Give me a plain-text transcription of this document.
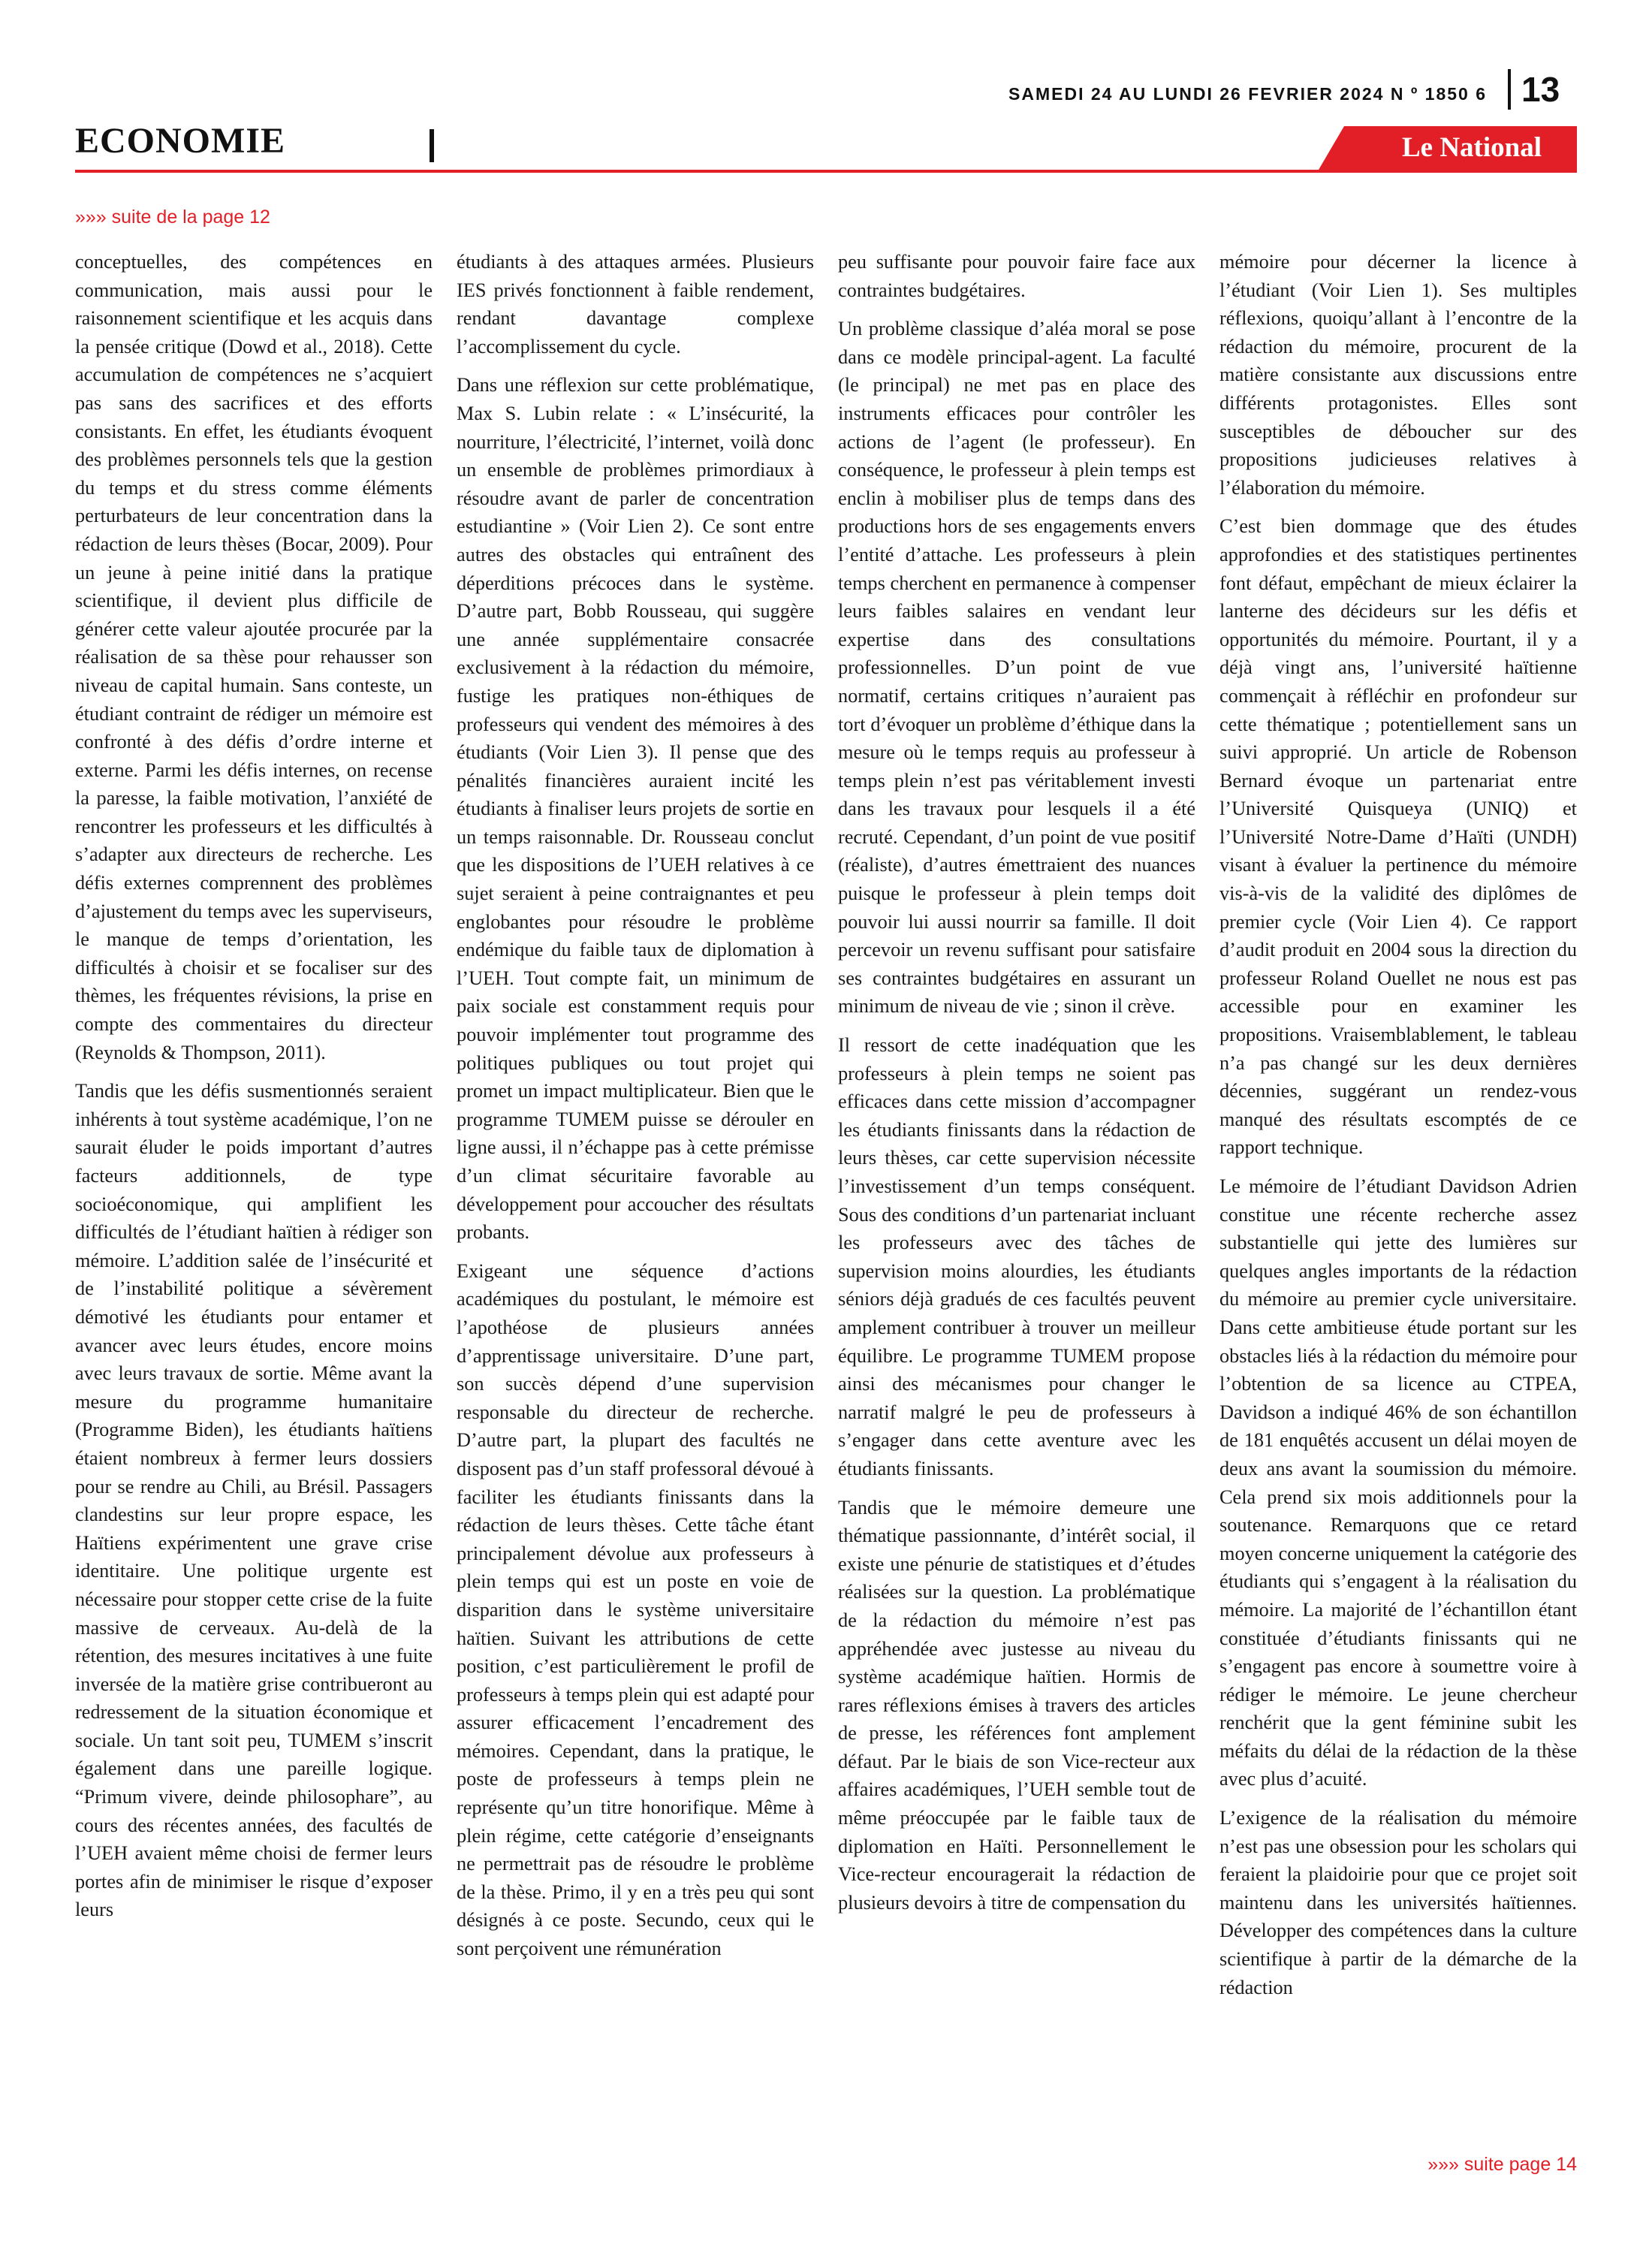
SAMEDI 24 AU LUNDI 26 FEVRIER 2024 N º 1850 6	13
ECONOMIE	Le National
»»» suite de la page 12

conceptuelles, des compétences en communication, mais aussi pour le raisonnement scientifique et les acquis dans la pensée critique (Dowd et al., 2018). Cette accumulation de compétences ne s’acquiert pas sans des sacrifices et des efforts consistants. En effet, les étudiants évoquent des problèmes personnels tels que la gestion du temps et du stress comme éléments perturbateurs de leur concentration dans la rédaction de leurs thèses (Bocar, 2009). Pour un jeune à peine initié dans la pratique scientifique, il devient plus difficile de générer cette valeur ajoutée procurée par la réalisation de sa thèse pour rehausser son niveau de capital humain. Sans conteste, un étudiant contraint de rédiger un mémoire est confronté à des défis d’ordre interne et externe. Parmi les défis internes, on recense la paresse, la faible motivation, l’anxiété de rencontrer les professeurs et les difficultés à s’adapter aux directeurs de recherche. Les défis externes comprennent des problèmes d’ajustement du temps avec les superviseurs, le manque de temps d’orientation, les difficultés à choisir et se focaliser sur des thèmes, les fréquentes révisions, la prise en compte des commentaires du directeur (Reynolds & Thompson, 2011).

Tandis que les défis susmentionnés seraient inhérents à tout système académique, l’on ne saurait éluder le poids important d’autres facteurs additionnels, de type socioéconomique, qui amplifient les difficultés de l’étudiant haïtien à rédiger son mémoire. L’addition salée de l’insécurité et de l’instabilité politique a sévèrement démotivé les étudiants pour entamer et avancer avec leurs études, encore moins avec leurs travaux de sortie. Même avant la mesure du programme humanitaire (Programme Biden), les étudiants haïtiens étaient nombreux à fermer leurs dossiers pour se rendre au Chili, au Brésil. Passagers clandestins sur leur propre espace, les Haïtiens expérimentent une grave crise identitaire. Une politique urgente est nécessaire pour stopper cette crise de la fuite massive de cerveaux. Au-delà de la rétention, des mesures incitatives à une fuite inversée de la matière grise contribueront au redressement de la situation économique et sociale. Un tant soit peu, TUMEM s’inscrit également dans une pareille logique. “Primum vivere, deinde philosophare”, au cours des récentes années, des facultés de l’UEH avaient même choisi de fermer leurs portes afin de minimiser le risque d’exposer leurs

étudiants à des attaques armées. Plusieurs IES privés fonctionnent à faible rendement, rendant davantage complexe l’accomplissement du cycle.

Dans une réflexion sur cette problématique, Max S. Lubin relate : « L’insécurité, la nourriture, l’électricité, l’internet, voilà donc un ensemble de problèmes primordiaux à résoudre avant de parler de concentration estudiantine » (Voir Lien 2). Ce sont entre autres des obstacles qui entraînent des déperditions précoces dans le système. D’autre part, Bobb Rousseau, qui suggère une année supplémentaire consacrée exclusivement à la rédaction du mémoire, fustige les pratiques non-éthiques de professeurs qui vendent des mémoires à des étudiants (Voir Lien 3). Il pense que des pénalités financières auraient incité les étudiants à finaliser leurs projets de sortie en un temps raisonnable. Dr. Rousseau conclut que les dispositions de l’UEH relatives à ce sujet seraient à peine contraignantes et peu englobantes pour résoudre le problème endémique du faible taux de diplomation à l’UEH. Tout compte fait, un minimum de paix sociale est constamment requis pour pouvoir implémenter tout programme des politiques publiques ou tout projet qui promet un impact multiplicateur. Bien que le programme TUMEM puisse se dérouler en ligne aussi, il n’échappe pas à cette prémisse d’un climat sécuritaire favorable au développement pour accoucher des résultats probants.

Exigeant une séquence d’actions académiques du postulant, le mémoire est l’apothéose de plusieurs années d’apprentissage universitaire. D’une part, son succès dépend d’une supervision responsable du directeur de recherche. D’autre part, la plupart des facultés ne disposent pas d’un staff professoral dévoué à faciliter les étudiants finissants dans la rédaction de leurs thèses. Cette tâche étant principalement dévolue aux professeurs à plein temps qui est un poste en voie de disparition dans le système universitaire haïtien. Suivant les attributions de cette position, c’est particulièrement le profil de professeurs à temps plein qui est adapté pour assurer efficacement l’encadrement des mémoires. Cependant, dans la pratique, le poste de professeurs à temps plein ne représente qu’un titre honorifique. Même à plein régime, cette catégorie d’enseignants ne permettrait pas de résoudre le problème de la thèse. Primo, il y en a très peu qui sont désignés à ce poste. Secundo, ceux qui le sont perçoivent une rémunération

peu suffisante pour pouvoir faire face aux contraintes budgétaires.

Un problème classique d’aléa moral se pose dans ce modèle principal-agent. La faculté (le principal) ne met pas en place des instruments efficaces pour contrôler les actions de l’agent (le professeur). En conséquence, le professeur à plein temps est enclin à mobiliser plus de temps dans des productions hors de ses engagements envers l’entité d’attache. Les professeurs à plein temps cherchent en permanence à compenser leurs faibles salaires en vendant leur expertise dans des consultations professionnelles. D’un point de vue normatif, certains critiques n’auraient pas tort d’évoquer un problème d’éthique dans la mesure où le temps requis au professeur à temps plein n’est pas véritablement investi dans les travaux pour lesquels il a été recruté. Cependant, d’un point de vue positif (réaliste), d’autres émettraient des nuances puisque le professeur à plein temps doit pouvoir lui aussi nourrir sa famille. Il doit percevoir un revenu suffisant pour satisfaire ses contraintes budgétaires en assurant un minimum de niveau de vie ; sinon il crève.

Il ressort de cette inadéquation que les professeurs à plein temps ne soient pas efficaces dans cette mission d’accompagner les étudiants finissants dans la rédaction de leurs thèses, car cette supervision nécessite l’investissement d’un temps conséquent. Sous des conditions d’un partenariat incluant les professeurs avec des tâches de supervision moins alourdies, les étudiants séniors déjà gradués de ces facultés peuvent amplement contribuer à trouver un meilleur équilibre. Le programme TUMEM propose ainsi des mécanismes pour changer le narratif malgré le peu de professeurs à s’engager dans cette aventure avec les étudiants finissants.

Tandis que le mémoire demeure une thématique passionnante, d’intérêt social, il existe une pénurie de statistiques et d’études réalisées sur la question. La problématique de la rédaction du mémoire n’est pas appréhendée avec justesse au niveau du système académique haïtien. Hormis de rares réflexions émises à travers des articles de presse, les références font amplement défaut. Par le biais de son Vice-recteur aux affaires académiques, l’UEH semble tout de même préoccupée par le faible taux de diplomation en Haïti. Personnellement le Vice-recteur encouragerait la rédaction de plusieurs devoirs à titre de compensation du

mémoire pour décerner la licence à l’étudiant (Voir Lien 1). Ses multiples réflexions, quoiqu’allant à l’encontre de la rédaction du mémoire, procurent de la matière consistante aux discussions entre différents protagonistes. Elles sont susceptibles de déboucher sur des propositions judicieuses relatives à l’élaboration du mémoire.

C’est bien dommage que des études approfondies et des statistiques pertinentes font défaut, empêchant de mieux éclairer la lanterne des décideurs sur les défis et opportunités du mémoire. Pourtant, il y a déjà vingt ans, l’université haïtienne commençait à réfléchir en profondeur sur cette thématique ; potentiellement sans un suivi approprié. Un article de Robenson Bernard évoque un partenariat entre l’Université Quisqueya (UNIQ) et l’Université Notre-Dame d’Haïti (UNDH) visant à évaluer la pertinence du mémoire vis-à-vis de la validité des diplômes de premier cycle (Voir Lien 4). Ce rapport d’audit produit en 2004 sous la direction du professeur Roland Ouellet ne nous est pas accessible pour en examiner les propositions. Vraisemblablement, le tableau n’a pas changé sur les deux dernières décennies, suggérant un rendez-vous manqué des résultats escomptés de ce rapport technique.

Le mémoire de l’étudiant Davidson Adrien constitue une récente recherche assez substantielle qui jette des lumières sur quelques angles importants de la rédaction du mémoire au premier cycle universitaire. Dans cette ambitieuse étude portant sur les obstacles liés à la rédaction du mémoire pour l’obtention de sa licence au CTPEA, Davidson a indiqué 46% de son échantillon de 181 enquêtés accusent un délai moyen de deux ans avant la soumission du mémoire. Cela prend six mois additionnels pour la soutenance. Remarquons que ce retard moyen concerne uniquement la catégorie des étudiants qui s’engagent à la réalisation du mémoire. La majorité de l’échantillon étant constituée d’étudiants finissants qui ne s’engagent pas encore à soumettre voire à rédiger le mémoire. Le jeune chercheur renchérit que la gent féminine subit les méfaits du délai de la rédaction de la thèse avec plus d’acuité.

L’exigence de la réalisation du mémoire n’est pas une obsession pour les scholars qui feraient la plaidoirie pour que ce projet soit maintenu dans les universités haïtiennes. Développer des compétences dans la culture scientifique à partir de la démarche de la rédaction

»»» suite page 14
